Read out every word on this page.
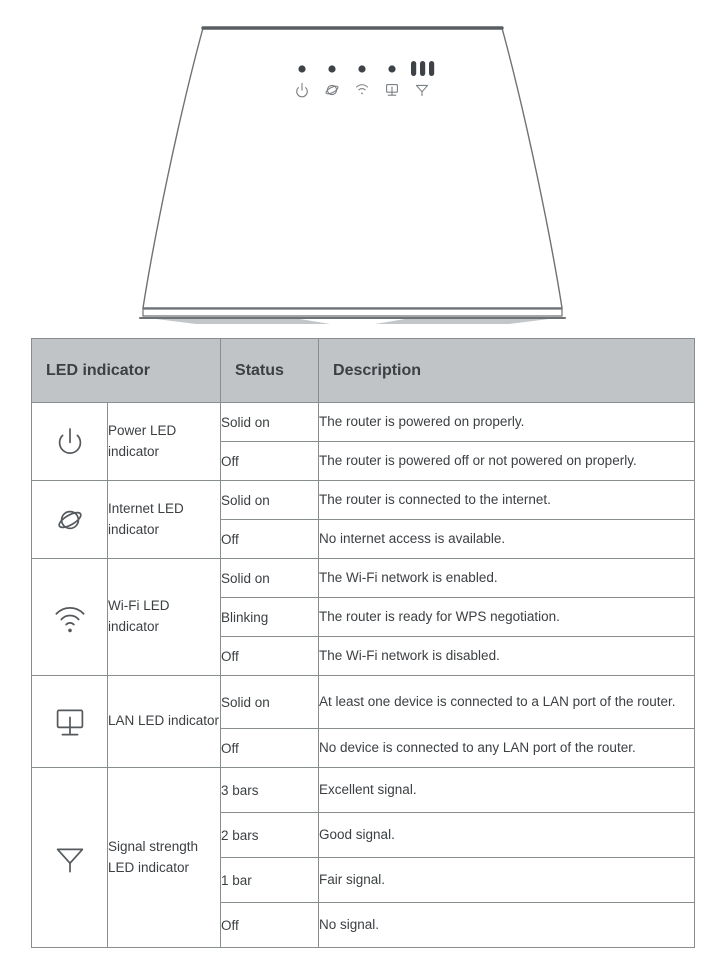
LED indicator		Status	Description

	Power LED indicator	Solid on	The router is powered on properly.
		Off	The router is powered off or not powered on properly.

	Internet LED indicator	Solid on	The router is connected to the internet.
		Off	No internet access is available.

	Wi-Fi LED indicator	Solid on	The Wi-Fi network is enabled.
		Blinking	The router is ready for WPS negotiation.
		Off	The Wi-Fi network is disabled.

	LAN LED indicator	Solid on	At least one device is connected to a LAN port of the router.
		Off	No device is connected to any LAN port of the router.

	Signal strength LED indicator	3 bars	Excellent signal.
		2 bars	Good signal.
		1 bar	Fair signal.
		Off	No signal.
